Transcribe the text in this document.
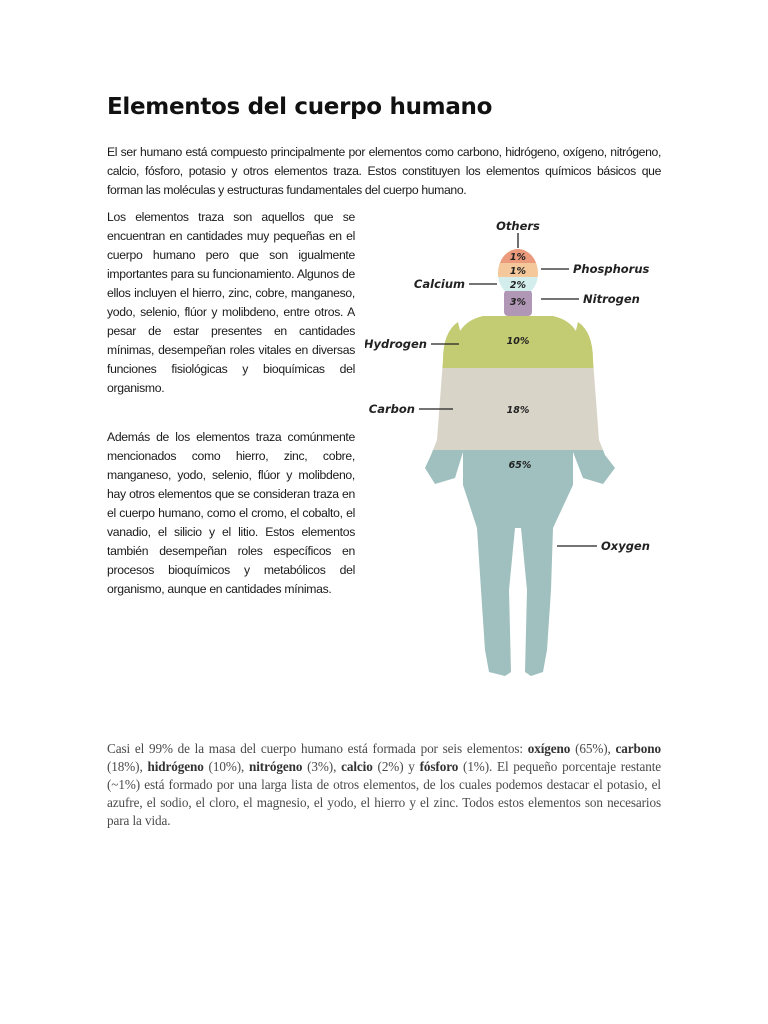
Elementos del cuerpo humano

El ser humano está compuesto principalmente por elementos como carbono, hidrógeno, oxígeno, nitrógeno, calcio, fósforo, potasio y otros elementos traza. Estos constituyen los elementos químicos básicos que forman las moléculas y estructuras fundamentales del cuerpo humano.

Los elementos traza son aquellos que se encuentran en cantidades muy pequeñas en el cuerpo humano pero que son igualmente importantes para su funcionamiento. Algunos de ellos incluyen el hierro, zinc, cobre, manganeso, yodo, selenio, flúor y molibdeno, entre otros. A pesar de estar presentes en cantidades mínimas, desempeñan roles vitales en diversas funciones fisiológicas y bioquímicas del organismo.

Además de los elementos traza comúnmente mencionados como hierro, zinc, cobre, manganeso, yodo, selenio, flúor y molibdeno, hay otros elementos que se consideran traza en el cuerpo humano, como el cromo, el cobalto, el vanadio, el silicio y el litio. Estos elementos también desempeñan roles específicos en procesos bioquímicos y metabólicos del organismo, aunque en cantidades mínimas.

1%
1%
2%
3%
10%
18%
65%
Others
Phosphorus
Calcium
Nitrogen
Hydrogen
Carbon
Oxygen

Casi el 99% de la masa del cuerpo humano está formada por seis elementos: oxígeno (65%), carbono (18%), hidrógeno (10%), nitrógeno (3%), calcio (2%) y fósforo (1%). El pequeño porcentaje restante (~1%) está formado por una larga lista de otros elementos, de los cuales podemos destacar el potasio, el azufre, el sodio, el cloro, el magnesio, el yodo, el hierro y el zinc. Todos estos elementos son necesarios para la vida.
